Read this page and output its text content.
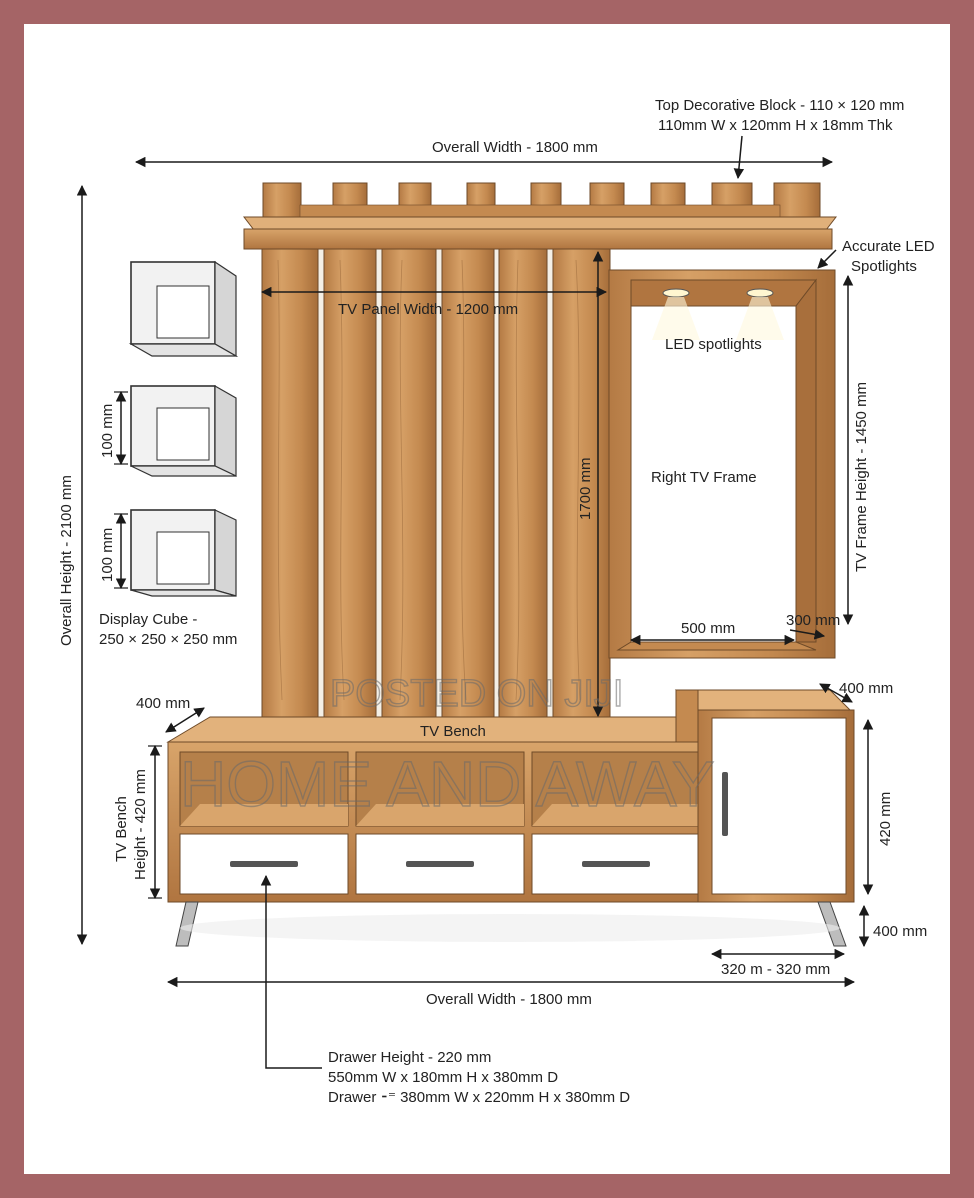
Top Decorative Block - 110 × 120 mm
110mm W x 120mm H x 18mm Thk
Overall Width - 1800 mm
Accurate LED
Spotlights
TV Panel Width - 1200 mm
LED spotlights
Right TV Frame	TV Frame Height - 1450 mm
1700 mm
Overall Height - 2100 mm
100 mm
100 mm
Display Cube -
250 × 250 × 250 mm
500 mm	300 mm
400 mm
400 mm
TV Bench
TV Bench Height - 420 mm	420 mm
400 mm
320 m - 320 mm
Overall Width - 1800 mm
Drawer Height - 220 mm
550mm W x 180mm H x 380mm D
Drawer ⁃⁼ 380mm W x 220mm H x 380mm D
POSTED ON JIJI
HOME AND AWAY
